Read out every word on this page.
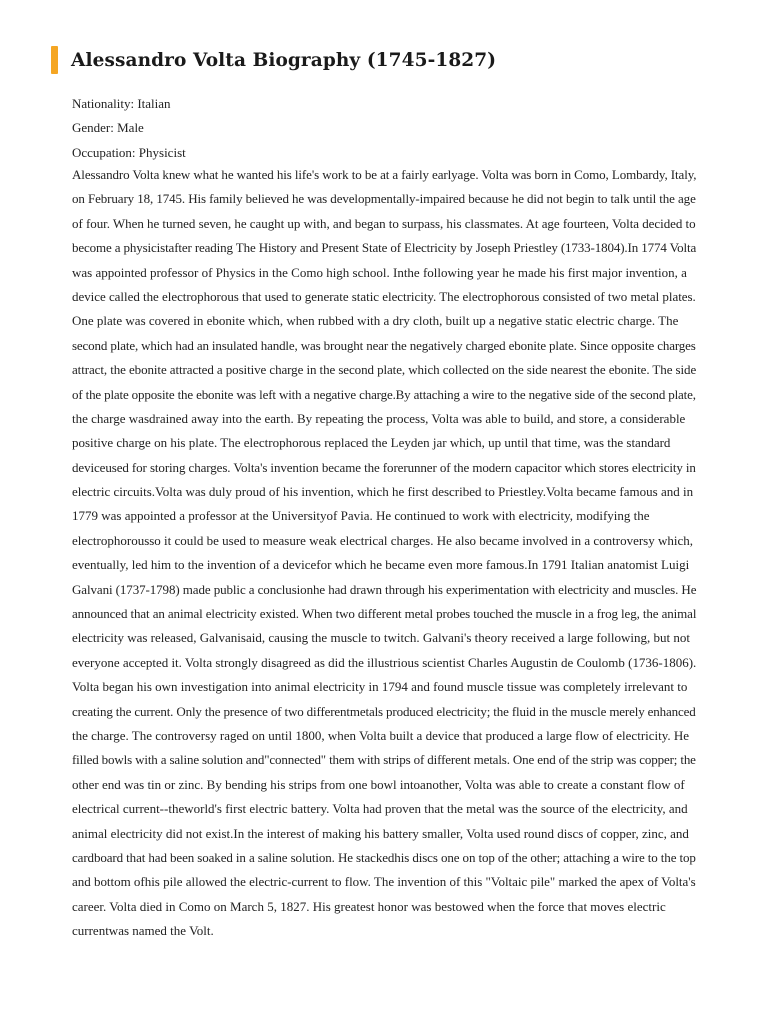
Alessandro Volta Biography (1745-1827)
Nationality: Italian
Gender: Male
Occupation: Physicist
Alessandro Volta knew what he wanted his life's work to be at a fairly earlyage. Volta was born in Como, Lombardy, Italy,
on February 18, 1745. His family believed he was developmentally-impaired because he did not begin to talk until the age
of four. When he turned seven, he caught up with, and began to surpass, his classmates. At age fourteen, Volta decided to
become a physicistafter reading The History and Present State of Electricity by Joseph Priestley (1733-1804).In 1774 Volta
was appointed professor of Physics in the Como high school. Inthe following year he made his first major invention, a
device called the electrophorous that used to generate static electricity. The electrophorous consisted of two metal plates.
One plate was covered in ebonite which, when rubbed with a dry cloth, built up a negative static electric charge. The
second plate, which had an insulated handle, was brought near the negatively charged ebonite plate. Since opposite charges
attract, the ebonite attracted a positive charge in the second plate, which collected on the side nearest the ebonite. The side
of the plate opposite the ebonite was left with a negative charge.By attaching a wire to the negative side of the second plate,
the charge wasdrained away into the earth. By repeating the process, Volta was able to build, and store, a considerable
positive charge on his plate. The electrophorous replaced the Leyden jar which, up until that time, was the standard
deviceused for storing charges. Volta's invention became the forerunner of the modern capacitor which stores electricity in
electric circuits.Volta was duly proud of his invention, which he first described to Priestley.Volta became famous and in
1779 was appointed a professor at the Universityof Pavia. He continued to work with electricity, modifying the
electrophorousso it could be used to measure weak electrical charges. He also became involved in a controversy which,
eventually, led him to the invention of a devicefor which he became even more famous.In 1791 Italian anatomist Luigi
Galvani (1737-1798) made public a conclusionhe had drawn through his experimentation with electricity and muscles. He
announced that an animal electricity existed. When two different metal probes touched the muscle in a frog leg, the animal
electricity was released, Galvanisaid, causing the muscle to twitch. Galvani's theory received a large following, but not
everyone accepted it. Volta strongly disagreed as did the illustrious scientist Charles Augustin de Coulomb (1736-1806).
Volta began his own investigation into animal electricity in 1794 and found muscle tissue was completely irrelevant to
creating the current. Only the presence of two differentmetals produced electricity; the fluid in the muscle merely enhanced
the charge. The controversy raged on until 1800, when Volta built a device that produced a large flow of electricity. He
filled bowls with a saline solution and"connected" them with strips of different metals. One end of the strip was copper; the
other end was tin or zinc. By bending his strips from one bowl intoanother, Volta was able to create a constant flow of
electrical current--theworld's first electric battery. Volta had proven that the metal was the source of the electricity, and
animal electricity did not exist.In the interest of making his battery smaller, Volta used round discs of copper, zinc, and
cardboard that had been soaked in a saline solution. He stackedhis discs one on top of the other; attaching a wire to the top
and bottom ofhis pile allowed the electric-current to flow. The invention of this "Voltaic pile" marked the apex of Volta's
career. Volta died in Como on March 5, 1827. His greatest honor was bestowed when the force that moves electric
currentwas named the Volt.
